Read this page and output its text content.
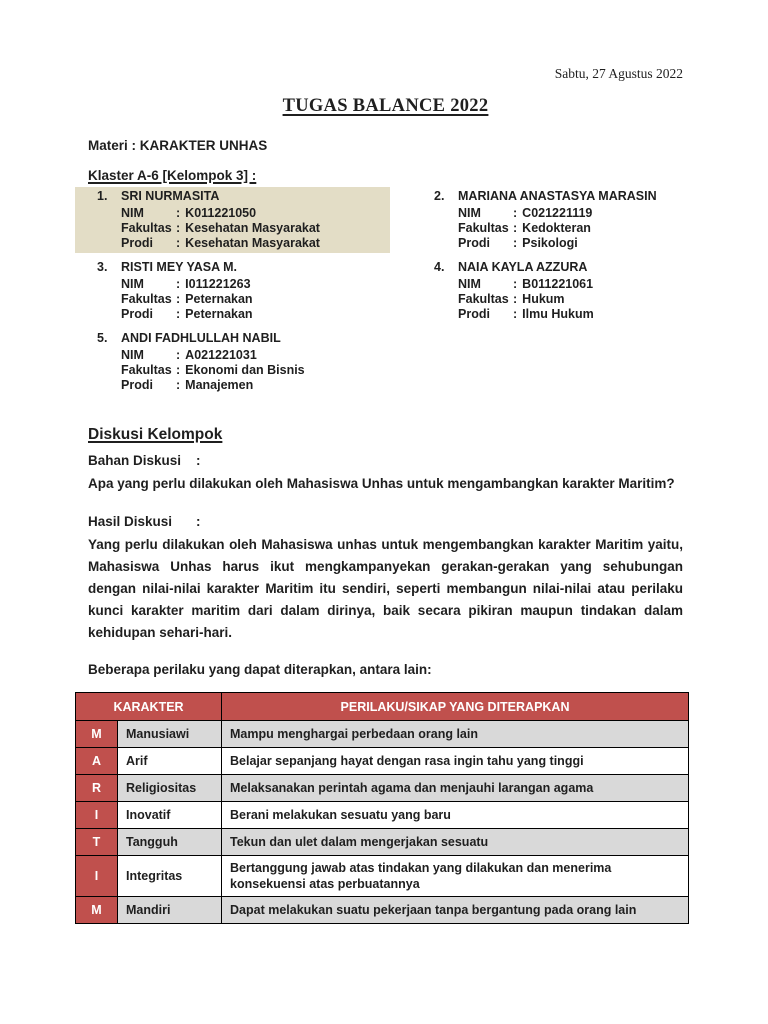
Sabtu, 27 Agustus 2022
TUGAS BALANCE 2022
Materi : KARAKTER UNHAS
Klaster A-6 [Kelompok 3] :
1. SRI NURMASITA
NIM	: K011221050
Fakultas : Kesehatan Masyarakat
Prodi : Kesehatan Masyarakat
2. MARIANA ANASTASYA MARASIN
NIM	: C021221119
Fakultas : Kedokteran
Prodi : Psikologi
3. RISTI MEY YASA M.
NIM	: I011221263
Fakultas : Peternakan
Prodi : Peternakan
4. NAIA KAYLA AZZURA
NIM	: B011221061
Fakultas : Hukum
Prodi : Ilmu Hukum
5. ANDI FADHLULLAH NABIL
NIM	: A021221031
Fakultas : Ekonomi dan Bisnis
Prodi : Manajemen
Diskusi Kelompok
Bahan Diskusi :
Apa yang perlu dilakukan oleh Mahasiswa Unhas untuk mengambangkan karakter Maritim?
Hasil Diskusi :
Yang perlu dilakukan oleh Mahasiswa unhas untuk mengembangkan karakter Maritim yaitu, Mahasiswa Unhas harus ikut mengkampanyekan gerakan-gerakan yang sehubungan dengan nilai-nilai karakter Maritim itu sendiri, seperti membangun nilai-nilai atau perilaku kunci karakter maritim dari dalam dirinya, baik secara pikiran maupun tindakan dalam kehidupan sehari-hari.
Beberapa perilaku yang dapat diterapkan, antara lain:
KARAKTER		PERILAKU/SIKAP YANG DITERAPKAN
M	Manusiawi	Mampu menghargai perbedaan orang lain
A	Arif	Belajar sepanjang hayat dengan rasa ingin tahu yang tinggi
R	Religiositas	Melaksanakan perintah agama dan menjauhi larangan agama
I	Inovatif	Berani melakukan sesuatu yang baru
T	Tangguh	Tekun dan ulet dalam mengerjakan sesuatu
I	Integritas	Bertanggung jawab atas tindakan yang dilakukan dan menerima konsekuensi atas perbuatannya
M	Mandiri	Dapat melakukan suatu pekerjaan tanpa bergantung pada orang lain
